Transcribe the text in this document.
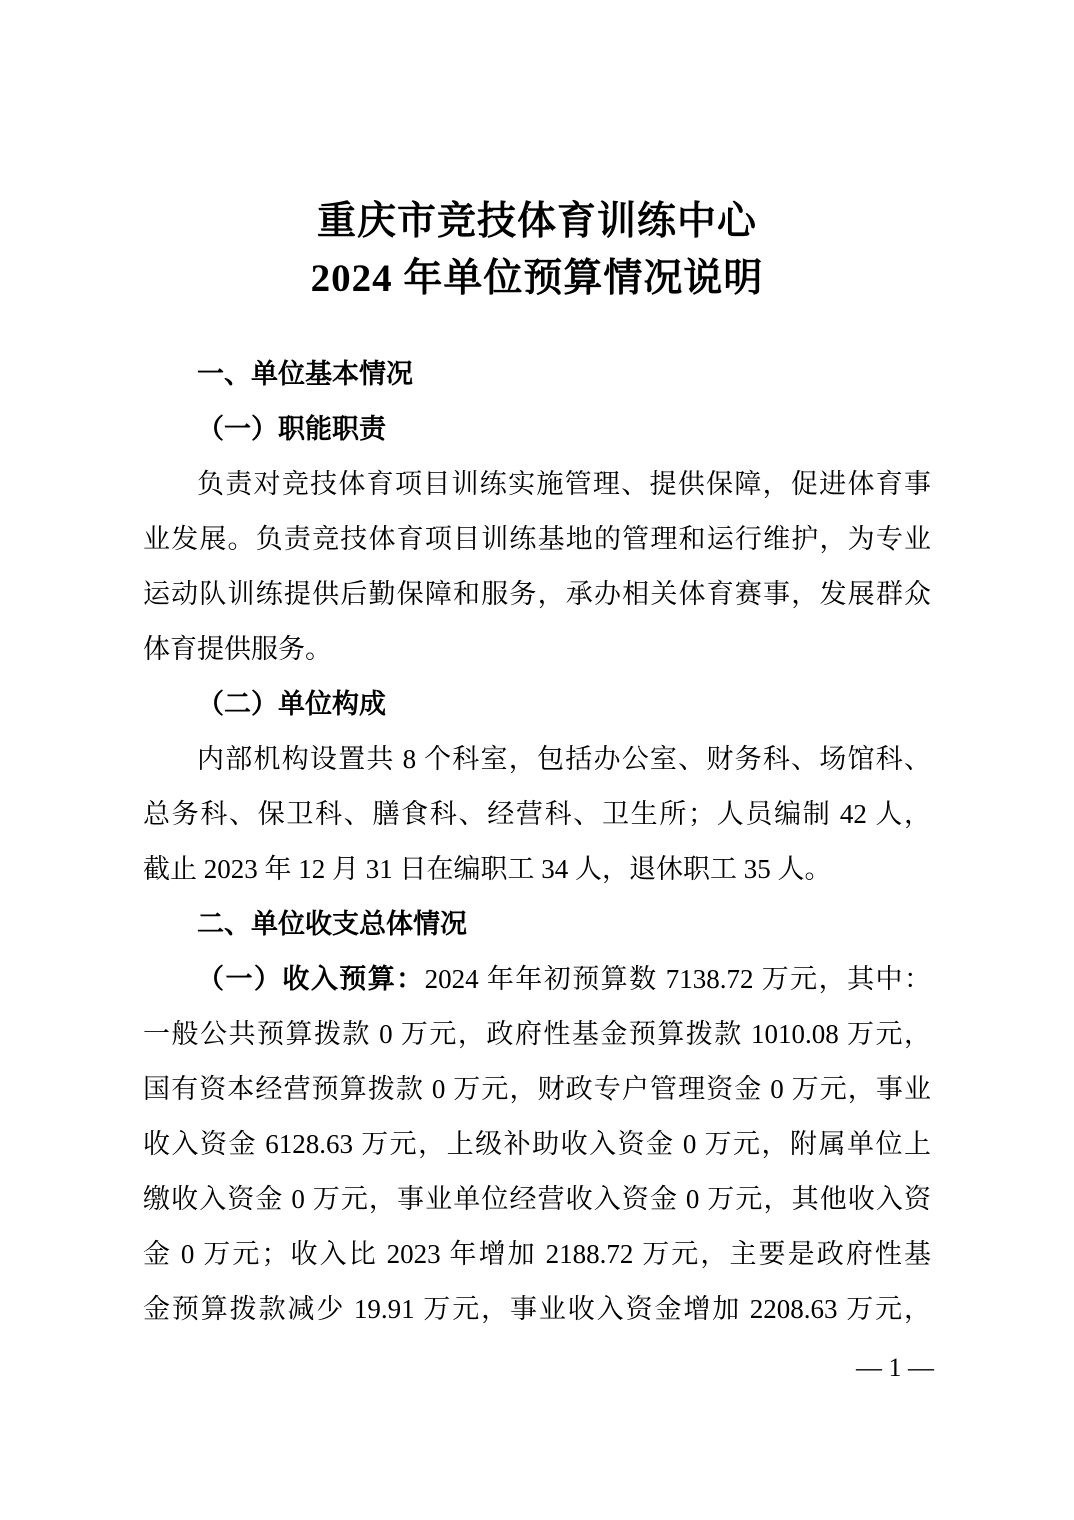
重庆市竞技体育训练中心
2024 年单位预算情况说明
一、单位基本情况
（一）职能职责
负责对竞技体育项目训练实施管理、提供保障，促进体育事
业发展。负责竞技体育项目训练基地的管理和运行维护，为专业
运动队训练提供后勤保障和服务，承办相关体育赛事，发展群众
体育提供服务。
（二）单位构成
内部机构设置共 8 个科室，包括办公室、财务科、场馆科、
总务科、保卫科、膳食科、经营科、卫生所；人员编制 42 人，
截止 2023 年 12 月 31 日在编职工 34 人，退休职工 35 人。
二、单位收支总体情况
（一）收入预算：2024 年年初预算数 7138.72 万元，其中：
一般公共预算拨款 0 万元，政府性基金预算拨款 1010.08 万元，
国有资本经营预算拨款 0 万元，财政专户管理资金 0 万元，事业
收入资金 6128.63 万元，上级补助收入资金 0 万元，附属单位上
缴收入资金 0 万元，事业单位经营收入资金 0 万元，其他收入资
金 0 万元；收入比 2023 年增加 2188.72 万元，主要是政府性基
金预算拨款减少 19.91 万元，事业收入资金增加 2208.63 万元，
— 1 —
